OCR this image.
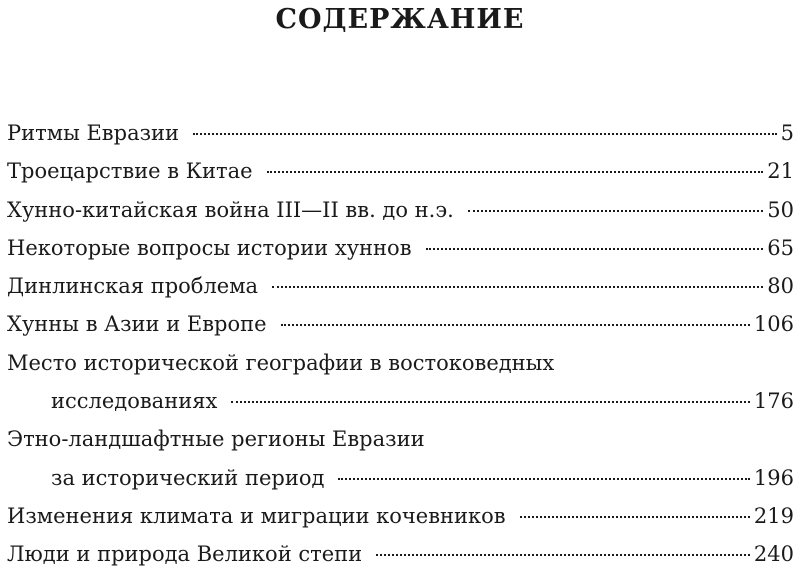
СОДЕРЖАНИЕ
Ритмы Евразии	5
Троецарствие в Китае	21
Хунно-китайская война III—II вв. до н.э.	50
Некоторые вопросы истории хуннов	65
Динлинская проблема	80
Хунны в Азии и Европе	106
Место исторической географии в востоковедных
исследованиях	176
Этно-ландшафтные регионы Евразии
за исторический период	196
Изменения климата и миграции кочевников	219
Люди и природа Великой степи	240
